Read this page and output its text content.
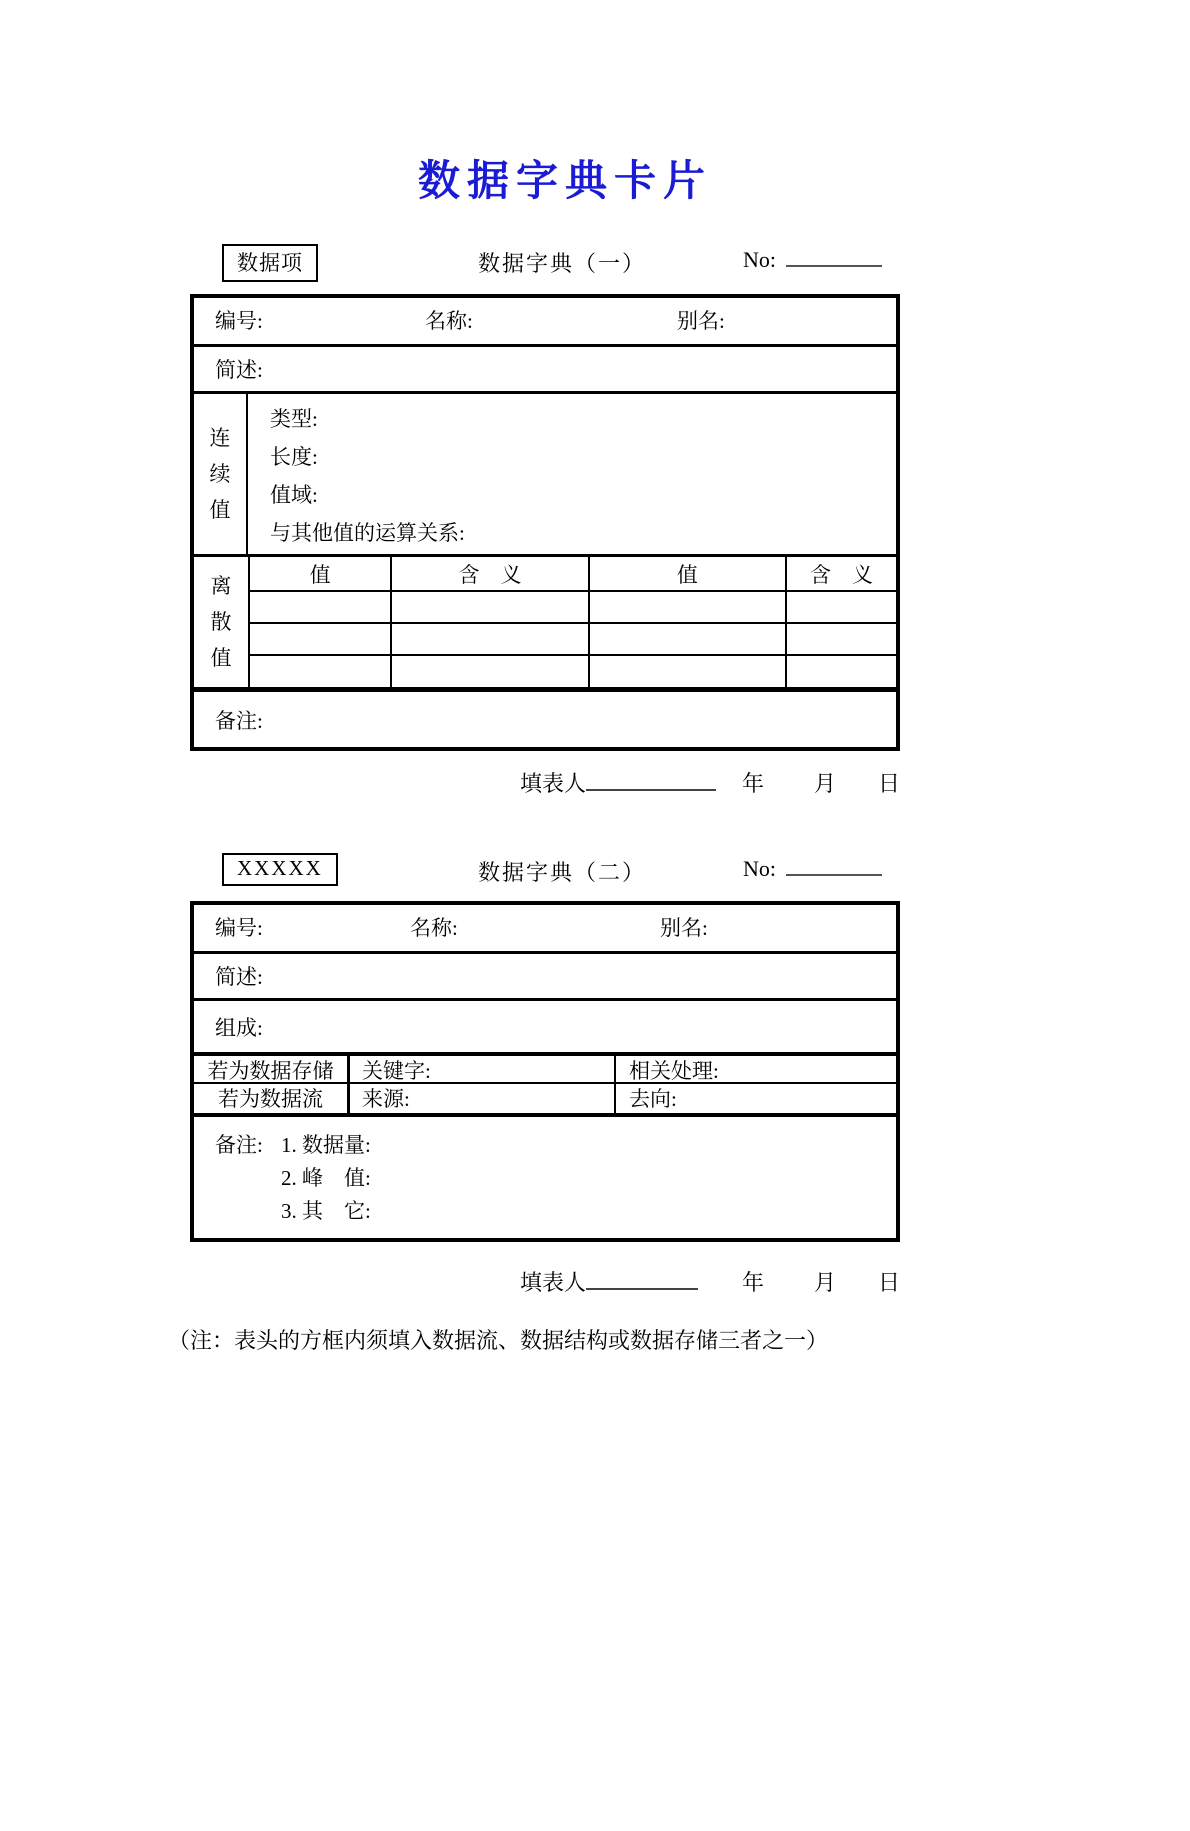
数据字典卡片
数据项	数据字典（一）	No:
编号:	名称:	别名:
简述:
连
续
值
类型:
长度:
值域:
与其他值的运算关系:
离
散
值
值	含　义	值	含　义

备注:
填表人	年 月 日
XXXXX	数据字典（二）	No:
编号:	名称:	别名:
简述:
组成:
若为数据存储	关键字:	相关处理:
若为数据流	来源:	去向:
备注: 1. 数据量:
2. 峰　值:
3. 其　它:
填表人	年 月 日
（注：表头的方框内须填入数据流、数据结构或数据存储三者之一）
